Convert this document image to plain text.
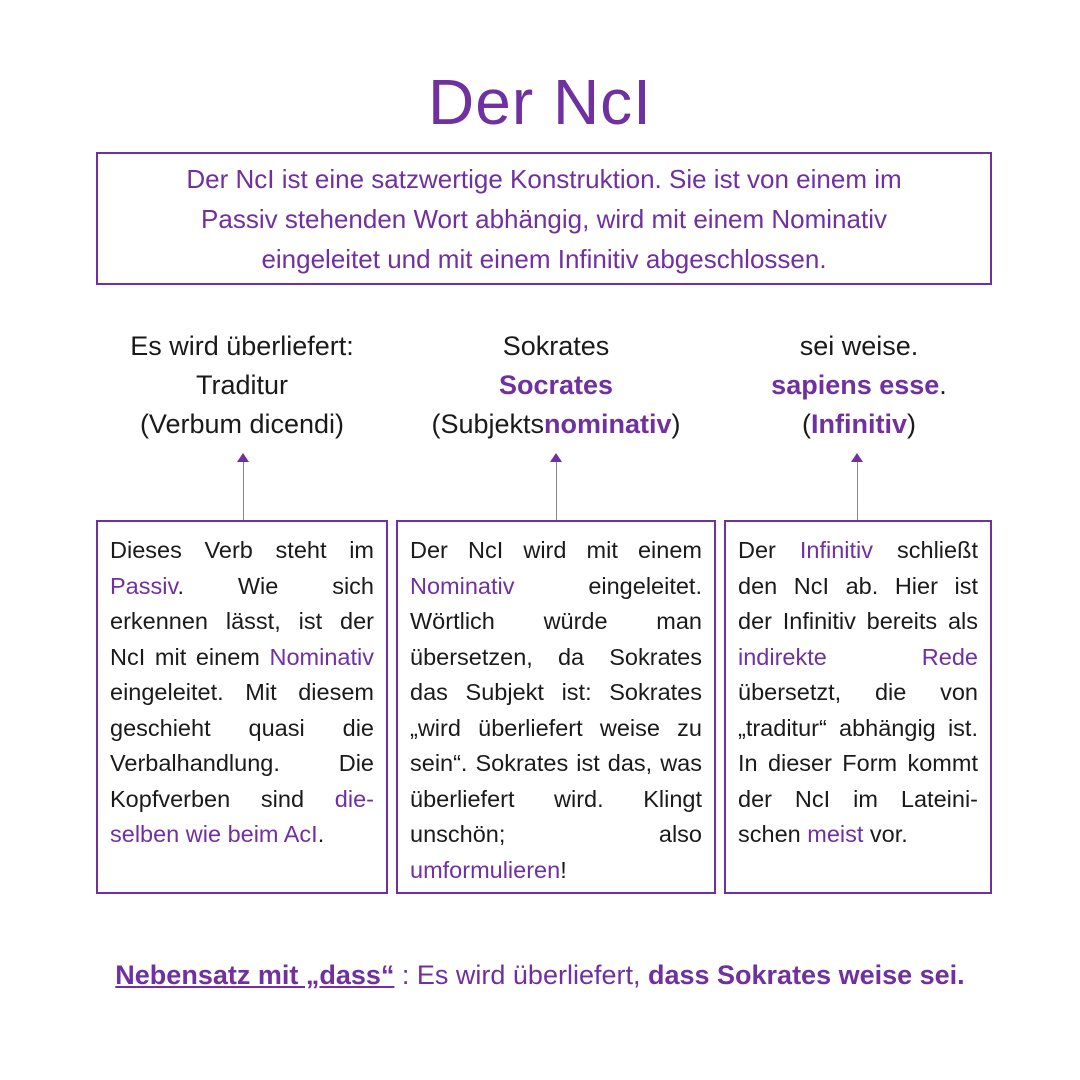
Der NcI
Der NcI ist eine satzwertige Konstruktion. Sie ist von einem im
Passiv stehenden Wort abhängig, wird mit einem Nominativ
eingeleitet und mit einem Infinitiv abgeschlossen.
Es wird überliefert:
Traditur
(Verbum dicendi)
Sokrates
Socrates
(Subjektsnominativ)
sei weise.
sapiens esse.
(Infinitiv)
Dieses Verb steht im Passiv. Wie sich erkennen lässt, ist der NcI mit einem Nominativ eingeleitet. Mit diesem geschieht quasi die Verbalhandlung. Die Kopfverben sind dieselben wie beim AcI.
Der NcI wird mit einem Nominativ eingeleitet. Wörtlich würde man übersetzen, da Sokrates das Subjekt ist: Sokrates „wird überliefert weise zu sein“. Sokrates ist das, was überliefert wird. Klingt unschön; also umformulieren!
Der Infinitiv schließt den NcI ab. Hier ist der Infinitiv bereits als indirekte Rede übersetzt, die von „traditur“ abhängig ist. In dieser Form kommt der NcI im Lateinischen meist vor.
Nebensatz mit „dass“ : Es wird überliefert, dass Sokrates weise sei.
